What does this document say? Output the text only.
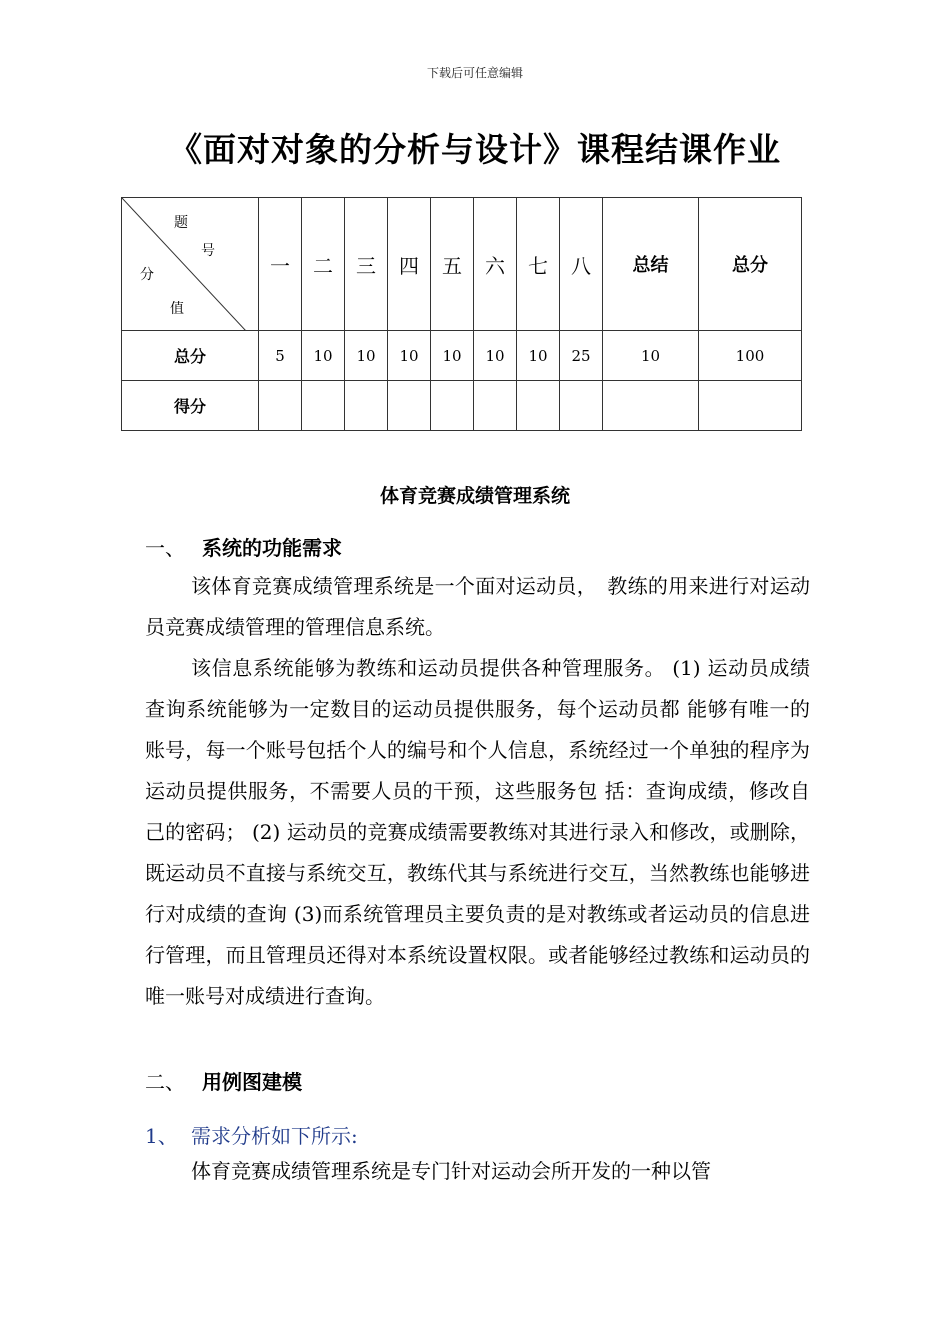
下载后可任意编辑
《面对对象的分析与设计》课程结课作业
题
号
分
值	一	二	三	四	五	六	七	八	总结	总分
总分	5	10	10	10	10	10	10	25	10	100
得分										
体育竞赛成绩管理系统
一、 系统的功能需求
该体育竞赛成绩管理系统是一个面对运动员，　教练的用来进行对运动员竞赛成绩管理的管理信息系统。
该信息系统能够为教练和运动员提供各种管理服务。 (1) 运动员成绩查询系统能够为一定数目的运动员提供服务，每个运动员都 能够有唯一的账号，每一个账号包括个人的编号和个人信息，系统经过一个单独的程序为运动员提供服务，不需要人员的干预，这些服务包 括：查询成绩，修改自己的密码； (2) 运动员的竞赛成绩需要教练对其进行录入和修改，或删除，既运动员不直接与系统交互，教练代其与系统进行交互，当然教练也能够进行对成绩的查询 (3)而系统管理员主要负责的是对教练或者运动员的信息进行管理，而且管理员还得对本系统设置权限。或者能够经过教练和运动员的唯一账号对成绩进行查询。
二、 用例图建模
1、 需求分析如下所示:
体育竞赛成绩管理系统是专门针对运动会所开发的一种以管
